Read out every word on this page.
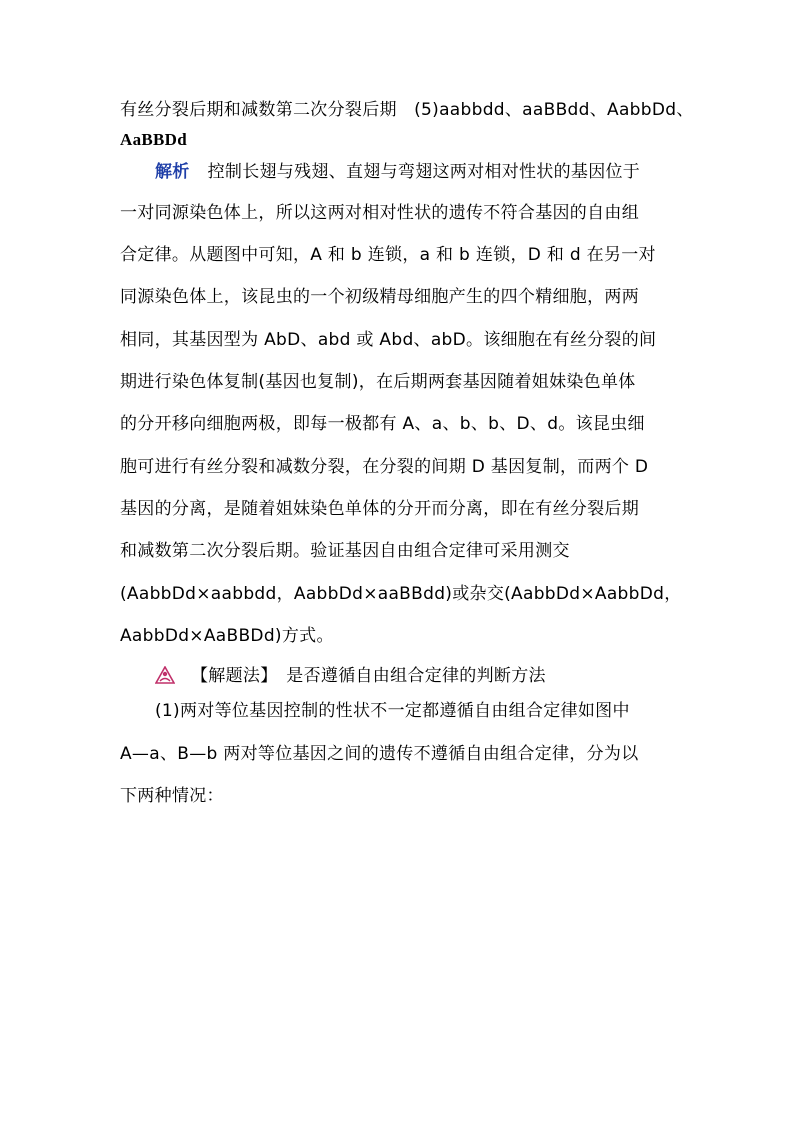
有丝分裂后期和减数第二次分裂后期　(5)aabbdd、aaBBdd、AabbDd、
AaBBDd
解析 控制长翅与残翅、直翅与弯翅这两对相对性状的基因位于
一对同源染色体上，所以这两对相对性状的遗传不符合基因的自由组
合定律。从题图中可知，A 和 b 连锁，a 和 b 连锁，D 和 d 在另一对
同源染色体上，该昆虫的一个初级精母细胞产生的四个精细胞，两两
相同，其基因型为 AbD、abd 或 Abd、abD。该细胞在有丝分裂的间
期进行染色体复制(基因也复制)，在后期两套基因随着姐妹染色单体
的分开移向细胞两极，即每一极都有 A、a、b、b、D、d。该昆虫细
胞可进行有丝分裂和减数分裂，在分裂的间期 D 基因复制，而两个 D
基因的分离，是随着姐妹染色单体的分开而分离，即在有丝分裂后期
和减数第二次分裂后期。验证基因自由组合定律可采用测交
(AabbDd×aabbdd，AabbDd×aaBBdd)或杂交(AabbDd×AabbDd，
AabbDd×AaBBDd)方式。
【解题法】　是否遵循自由组合定律的判断方法
(1)两对等位基因控制的性状不一定都遵循自由组合定律如图中
A—a、B—b 两对等位基因之间的遗传不遵循自由组合定律，分为以
下两种情况：
